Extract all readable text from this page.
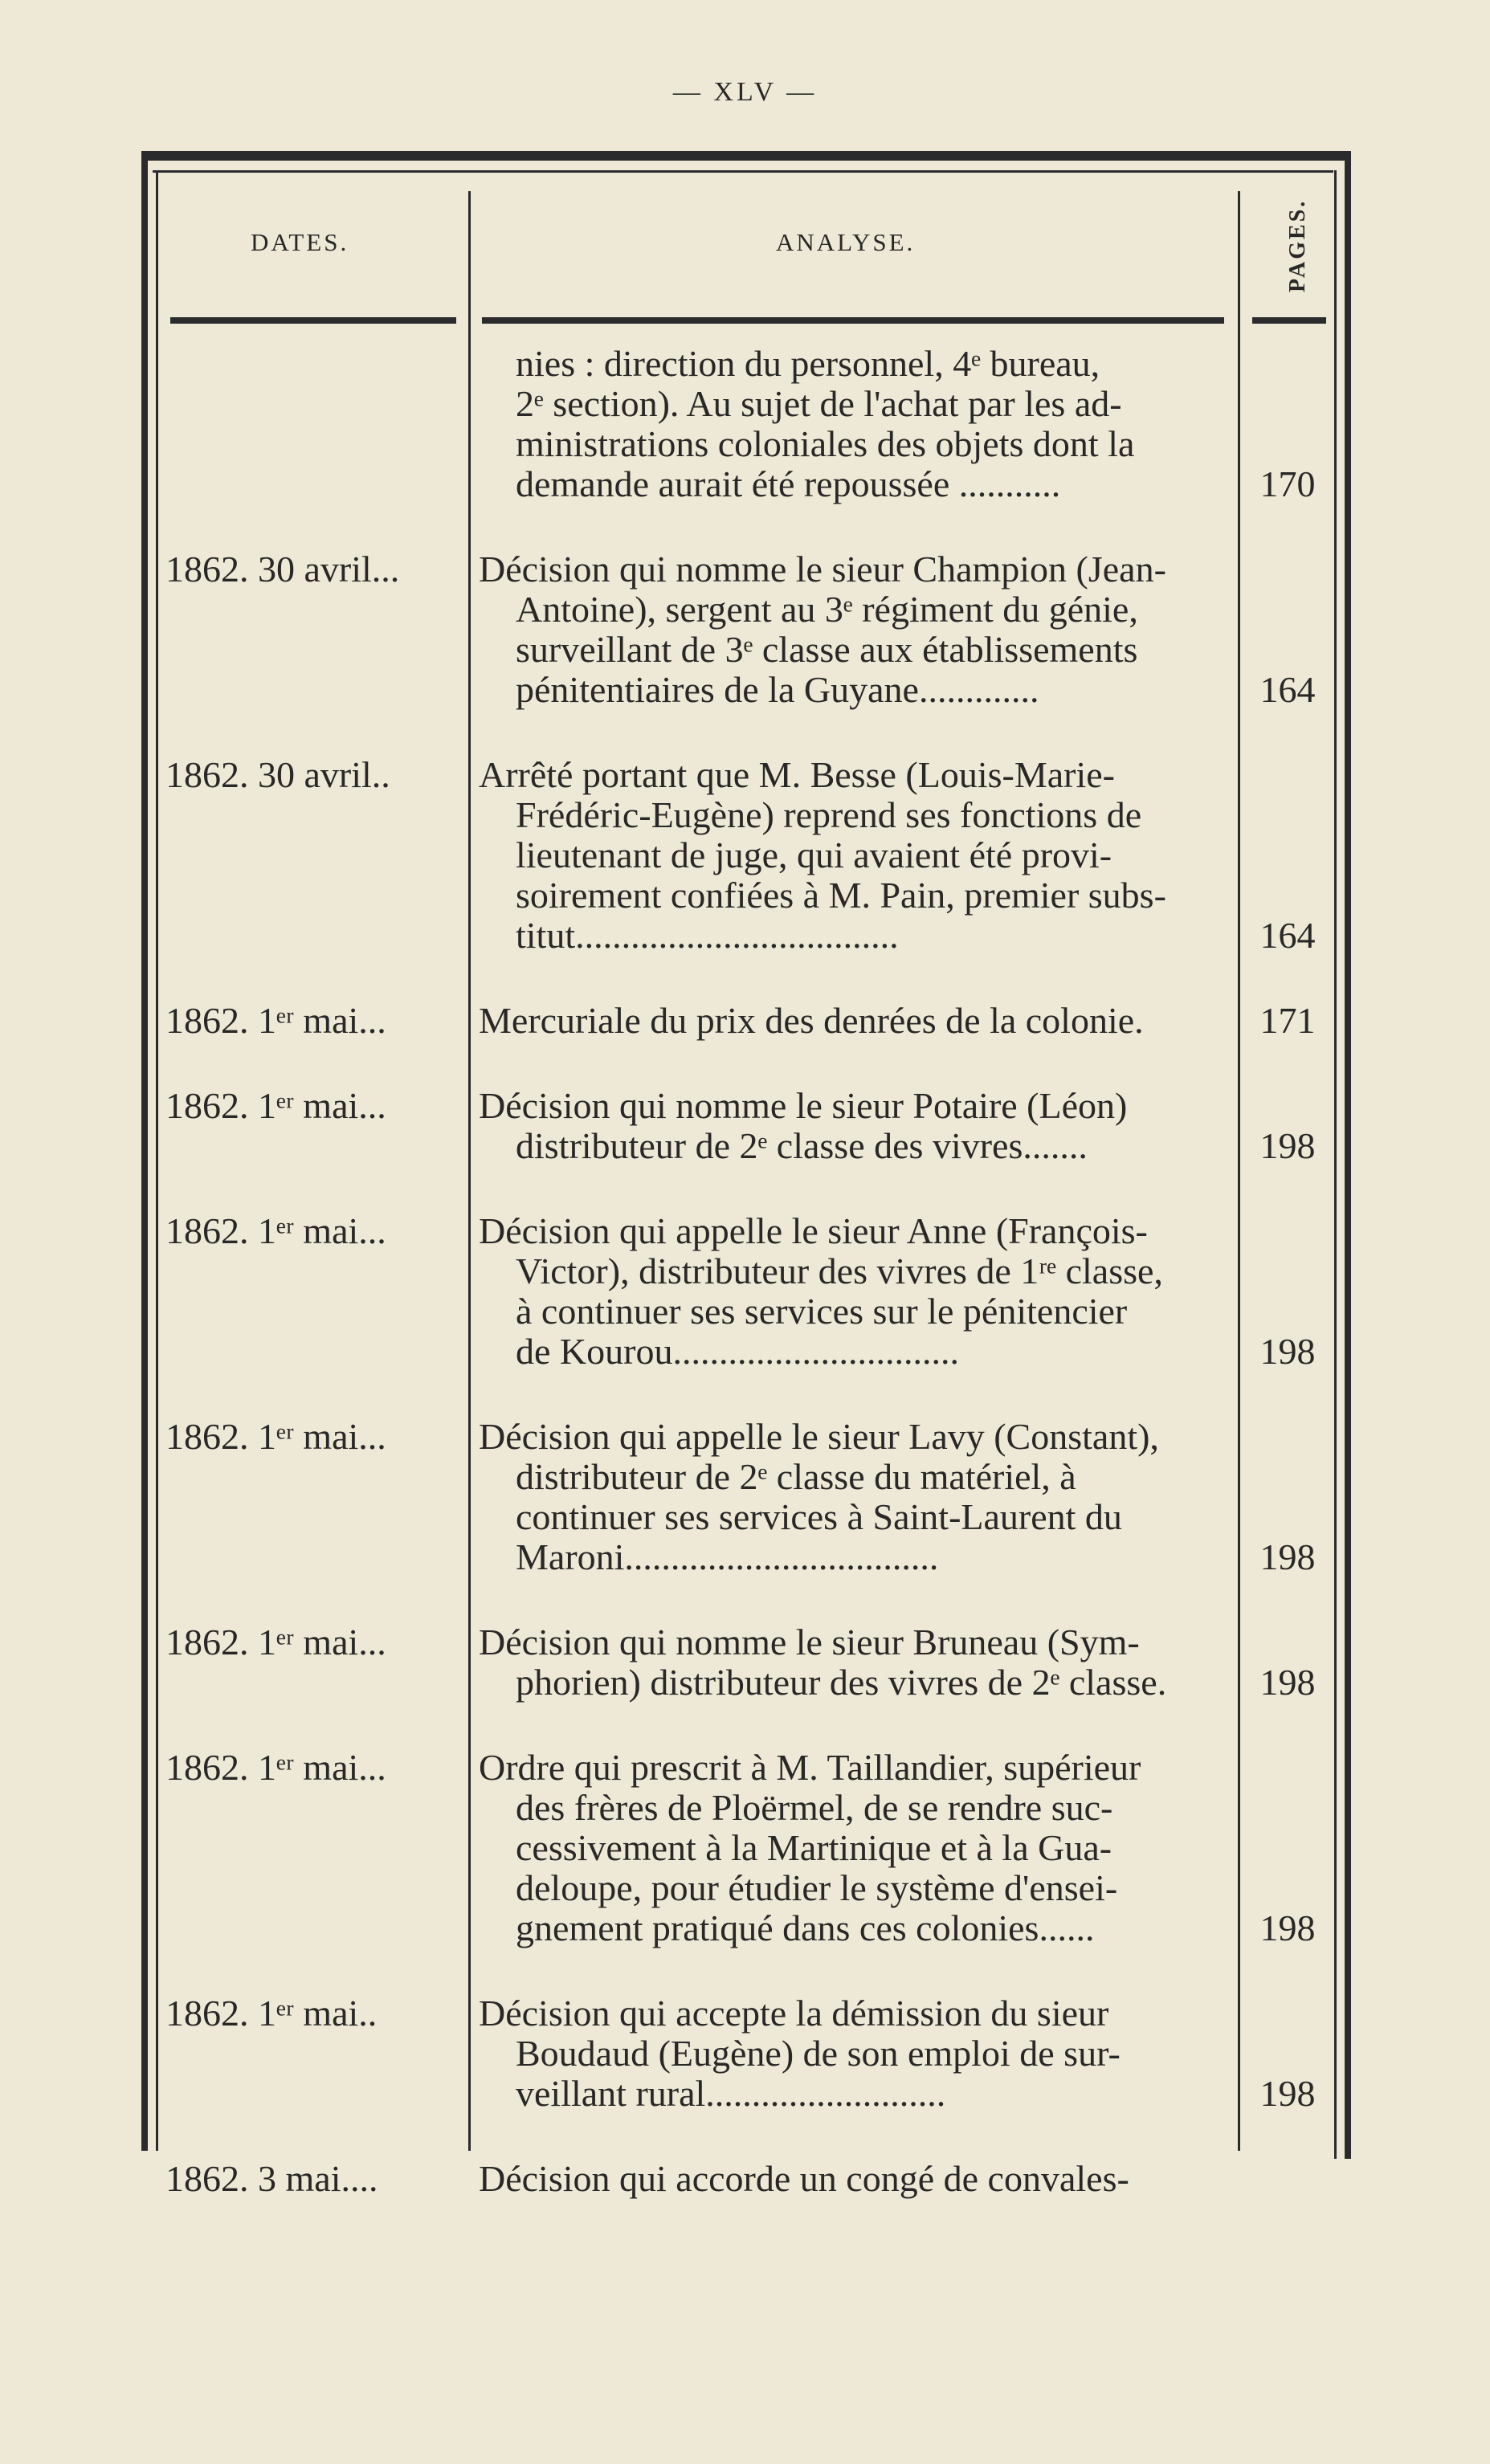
— XLV —
DATES.	ANALYSE.	PAGES.
nies : direction du personnel, 4ᵉ bureau,
2ᵉ section). Au sujet de l'achat par les ad-
ministrations coloniales des objets dont la
demande aurait été repoussée ...........	170
1862. 30 avril...	Décision qui nomme le sieur Champion (Jean-
Antoine), sergent au 3ᵉ régiment du génie,
surveillant de 3ᵉ classe aux établissements
pénitentiaires de la Guyane.............	164
1862. 30 avril..	Arrêté portant que M. Besse (Louis-Marie-
Frédéric-Eugène) reprend ses fonctions de
lieutenant de juge, qui avaient été provi-
soirement confiées à M. Pain, premier subs-
titut...................................	164
1862. 1ᵉʳ mai...	Mercuriale du prix des denrées de la colonie.	171
1862. 1ᵉʳ mai...	Décision qui nomme le sieur Potaire (Léon)
distributeur de 2ᵉ classe des vivres.......	198
1862. 1ᵉʳ mai...	Décision qui appelle le sieur Anne (François-
Victor), distributeur des vivres de 1ʳᵉ classe,
à continuer ses services sur le pénitencier
de Kourou...............................	198
1862. 1ᵉʳ mai...	Décision qui appelle le sieur Lavy (Constant),
distributeur de 2ᵉ classe du matériel, à
continuer ses services à Saint-Laurent du
Maroni..................................	198
1862. 1ᵉʳ mai...	Décision qui nomme le sieur Bruneau (Sym-
phorien) distributeur des vivres de 2ᵉ classe.	198
1862. 1ᵉʳ mai...	Ordre qui prescrit à M. Taillandier, supérieur
des frères de Ploërmel, de se rendre suc-
cessivement à la Martinique et à la Gua-
deloupe, pour étudier le système d'ensei-
gnement pratiqué dans ces colonies......	198
1862. 1ᵉʳ mai..	Décision qui accepte la démission du sieur
Boudaud (Eugène) de son emploi de sur-
veillant rural..........................	198
1862. 3 mai....	Décision qui accorde un congé de convales-
